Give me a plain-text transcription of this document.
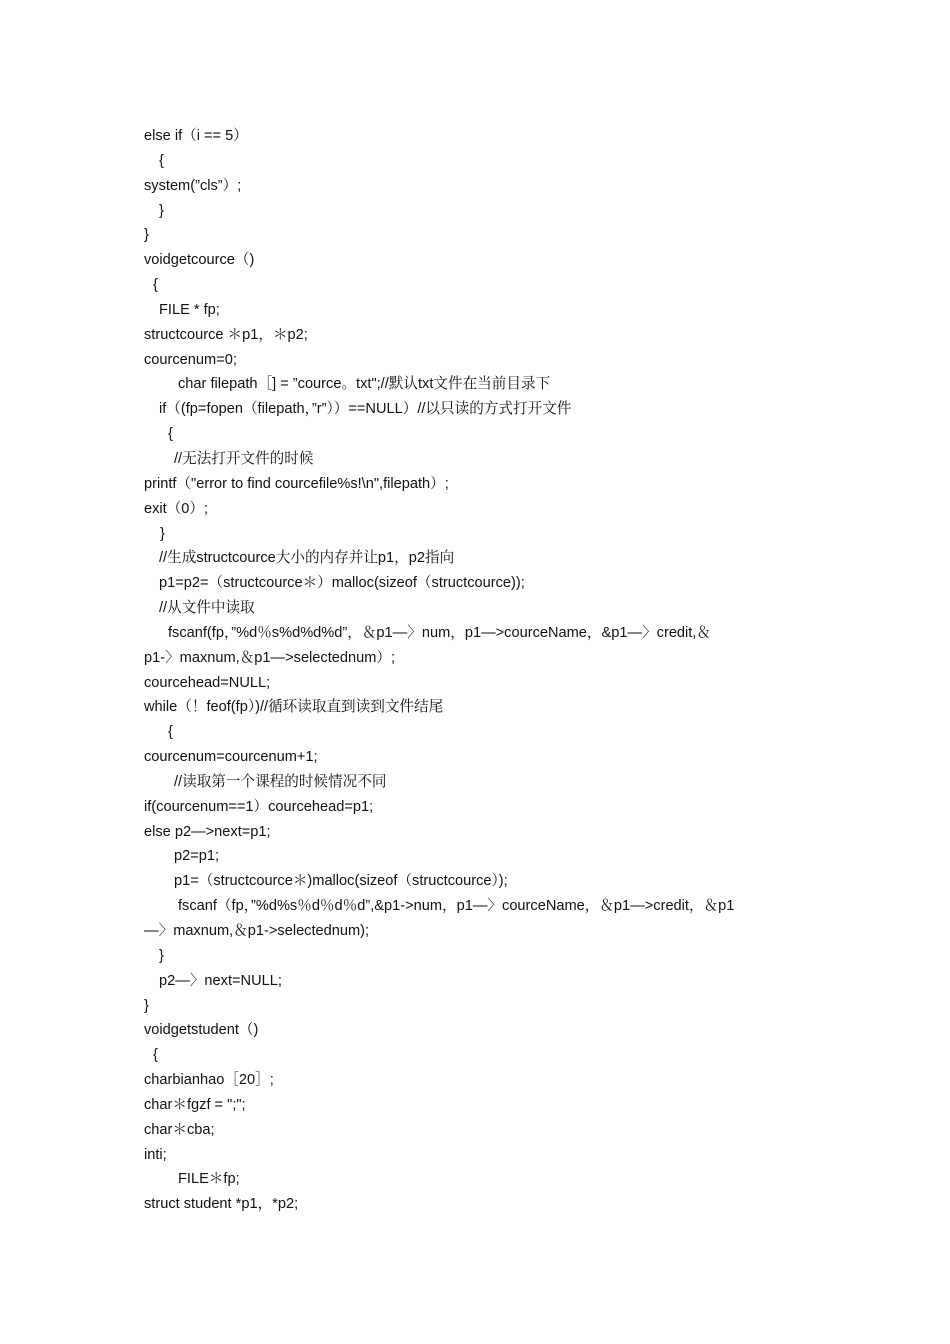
else if（i == 5）
{
system(”cls”）;
}
}
voidgetcource（)
{
FILE * fp;
structcource ＊p1，＊p2;
courcenum=0;
char filepath［] = ”cource。txt";//默认txt文件在当前目录下
if（(fp=fopen（filepath，”r”））==NULL）//以只读的方式打开文件
{
//无法打开文件的时候
printf（"error to find courcefile%s!\n",filepath）;
exit（0）;
}
//生成structcource大小的内存并让p1，p2指向
p1=p2=（structcource＊）malloc(sizeof（structcource));
//从文件中读取
fscanf(fp，”%d％s%d%d%d”，＆p1—〉num，p1—>courceName，&p1—〉credit,＆
p1-〉maxnum,＆p1—>selectednum）;
courcehead=NULL;
while（！feof(fp）)//循环读取直到读到文件结尾
{
courcenum=courcenum+1;
//读取第一个课程的时候情况不同
if(courcenum==1）courcehead=p1;
else p2—>next=p1;
p2=p1;
p1=（structcource＊)malloc(sizeof（structcource）);
fscanf（fp，”%d%s％d％d％d”,&p1->num，p1—〉courceName，＆p1—>credit，＆p1
—〉maxnum,＆p1->selectednum);
}
p2—〉next=NULL;
}
voidgetstudent（)
{
charbianhao［20］;
char＊fgzf = ";";
char＊cba;
inti;
FILE＊fp;
struct student *p1，*p2;
